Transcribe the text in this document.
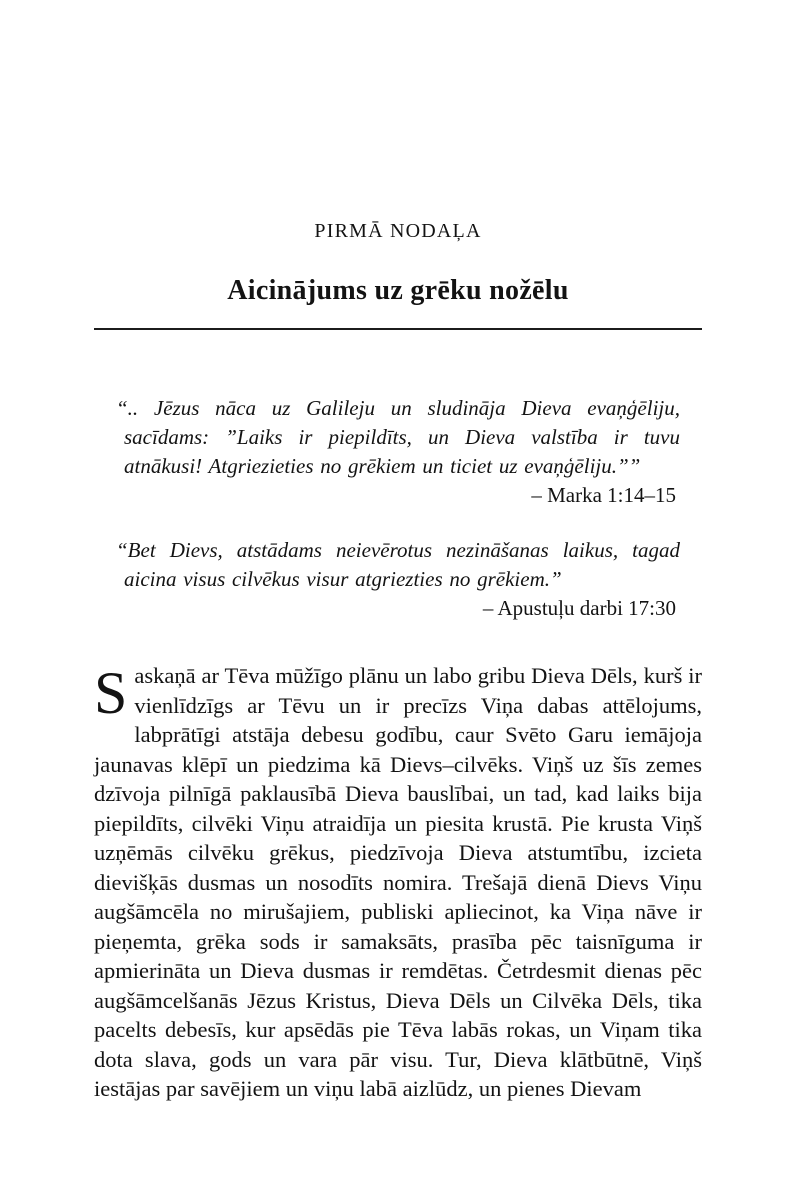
PIRMĀ NODAĻA
Aicinājums uz grēku nožēlu

“.. Jēzus nāca uz Galileju un sludināja Dieva evaņģēliju, sacīdams: ”Laiks ir piepildīts, un Dieva valstība ir tuvu atnākusi! Atgriezieties no grēkiem un ticiet uz evaņģēliju.””

– Marka 1:14–15

“Bet Dievs, atstādams neievērotus nezināšanas laikus, tagad aicina visus cilvēkus visur atgriezties no grēkiem.”

– Apustuļu darbi 17:30

Saskaņā ar Tēva mūžīgo plānu un labo gribu Dieva Dēls, kurš ir vienlīdzīgs ar Tēvu un ir precīzs Viņa dabas attēlojums, labprātīgi atstāja debesu godību, caur Svēto Garu iemājoja jaunavas klēpī un piedzima kā Dievs–cilvēks. Viņš uz šīs zemes dzīvoja pilnīgā paklausībā Dieva bauslībai, un tad, kad laiks bija piepildīts, cilvēki Viņu atraidīja un piesita krustā. Pie krusta Viņš uzņēmās cilvēku grēkus, piedzīvoja Dieva atstumtību, izcieta dievišķās dusmas un nosodīts nomira. Trešajā dienā Dievs Viņu augšāmcēla no mirušajiem, publiski apliecinot, ka Viņa nāve ir pieņemta, grēka sods ir samaksāts, prasība pēc taisnīguma ir apmierināta un Dieva dusmas ir remdētas. Četrdesmit dienas pēc augšāmcelšanās Jēzus Kristus, Dieva Dēls un Cilvēka Dēls, tika pacelts debesīs, kur apsēdās pie Tēva labās rokas, un Viņam tika dota slava, gods un vara pār visu. Tur, Dieva klātbūtnē, Viņš iestājas par savējiem un viņu labā aizlūdz, un pienes Dievam
